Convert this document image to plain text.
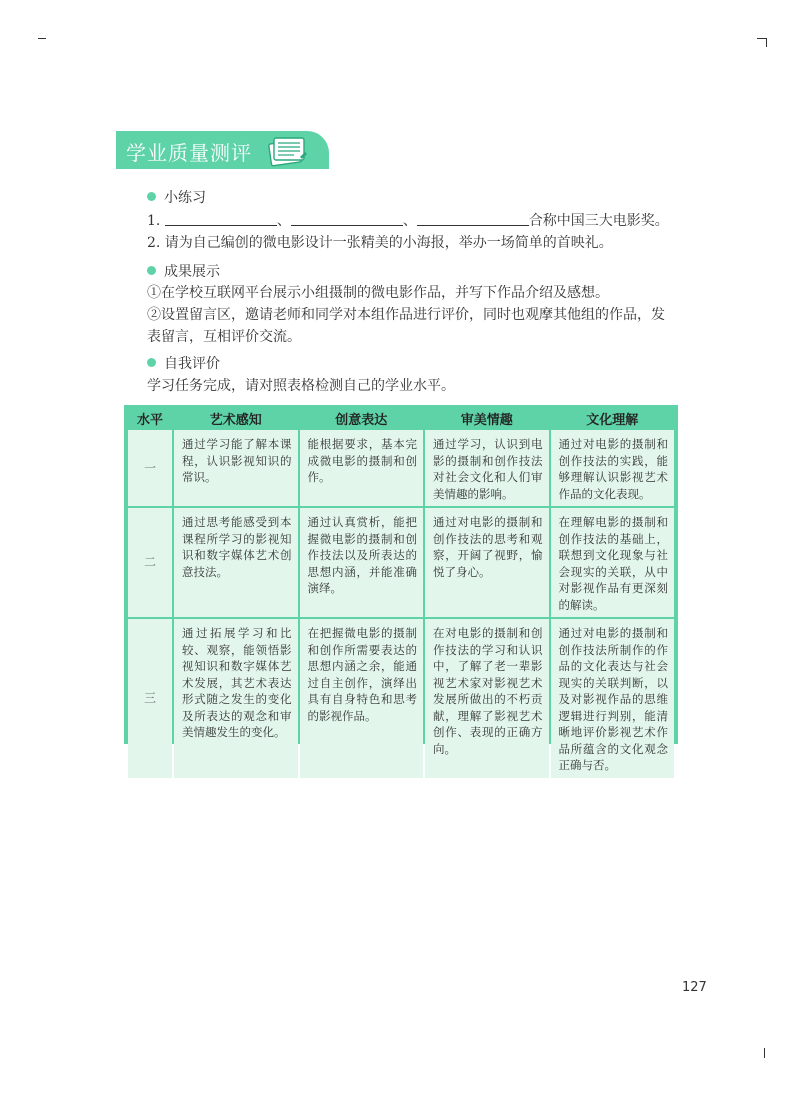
学业质量测评
小练习
1.	、	、	合称中国三大电影奖。
2. 请为自己编创的微电影设计一张精美的小海报，举办一场简单的首映礼。
成果展示
①在学校互联网平台展示小组摄制的微电影作品，并写下作品介绍及感想。
②设置留言区，邀请老师和同学对本组作品进行评价，同时也观摩其他组的作品，发
表留言，互相评价交流。
自我评价
学习任务完成，请对照表格检测自己的学业水平。
水平	艺术感知	创意表达	审美情趣	文化理解
一	通过学习能了解本课程，认识影视知识的常识。	能根据要求，基本完成微电影的摄制和创作。	通过学习，认识到电影的摄制和创作技法对社会文化和人们审美情趣的影响。	通过对电影的摄制和创作技法的实践，能够理解认识影视艺术作品的文化表现。
二	通过思考能感受到本课程所学习的影视知识和数字媒体艺术创意技法。	通过认真赏析，能把握微电影的摄制和创作技法以及所表达的思想内涵，并能准确演绎。	通过对电影的摄制和创作技法的思考和观察，开阔了视野，愉悦了身心。	在理解电影的摄制和创作技法的基础上，联想到文化现象与社会现实的关联，从中对影视作品有更深刻的解读。
三	通过拓展学习和比较、观察，能领悟影视知识和数字媒体艺术发展，其艺术表达形式随之发生的变化及所表达的观念和审美情趣发生的变化。	在把握微电影的摄制和创作所需要表达的思想内涵之余，能通过自主创作，演绎出具有自身特色和思考的影视作品。	在对电影的摄制和创作技法的学习和认识中，了解了老一辈影视艺术家对影视艺术发展所做出的不朽贡献，理解了影视艺术创作、表现的正确方向。	通过对电影的摄制和创作技法所制作的作品的文化表达与社会现实的关联判断，以及对影视作品的思维逻辑进行判别，能清晰地评价影视艺术作品所蕴含的文化观念正确与否。
127
